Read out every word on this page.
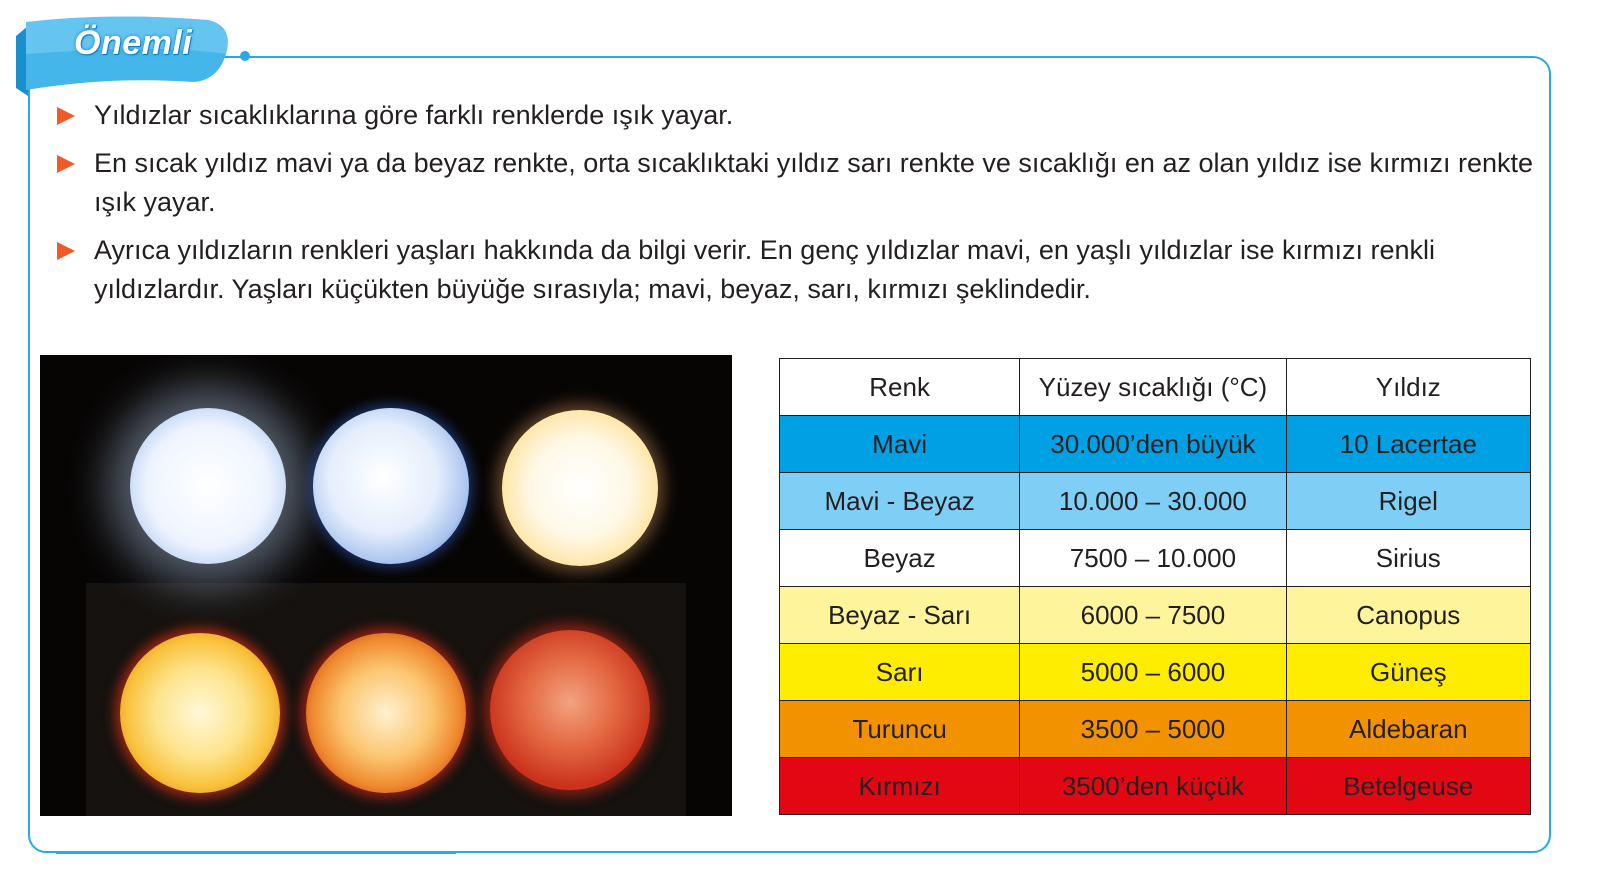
Önemli
Yıldızlar sıcaklıklarına göre farklı renklerde ışık yayar.
En sıcak yıldız mavi ya da beyaz renkte, orta sıcaklıktaki yıldız sarı renkte ve sıcaklığı en az olan yıldız ise kırmızı renkte ışık yayar.
Ayrıca yıldızların renkleri yaşları hakkında da bilgi verir. En genç yıldızlar mavi, en yaşlı yıldızlar ise kırmızı renkli yıldızlardır. Yaşları küçükten büyüğe sırasıyla; mavi, beyaz, sarı, kırmızı şeklindedir.
Renk	Yüzey sıcaklığı (°C)	Yıldız
Mavi	30.000’den büyük	10 Lacertae
Mavi - Beyaz	10.000 – 30.000	Rigel
Beyaz	7500 – 10.000	Sirius
Beyaz - Sarı	6000 – 7500	Canopus
Sarı	5000 – 6000	Güneş
Turuncu	3500 – 5000	Aldebaran
Kırmızı	3500’den küçük	Betelgeuse
